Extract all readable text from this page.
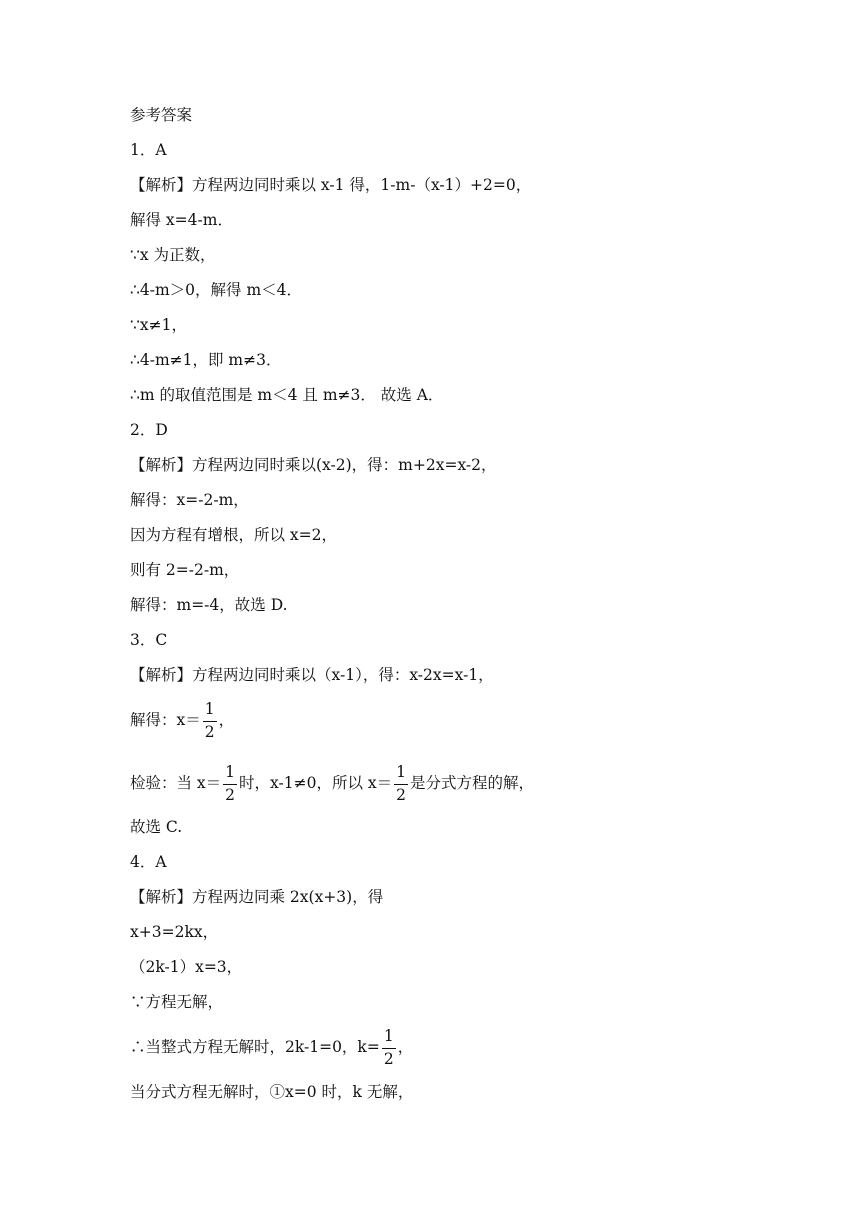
参考答案
1．A
【解析】方程两边同时乘以 x-1 得，1-m-（x-1）+2=0，
解得 x=4-m．
∵x 为正数，
∴4-m＞0，解得 m＜4．
∵x≠1，
∴4-m≠1，即 m≠3．
∴m 的取值范围是 m＜4 且 m≠3． 故选 A．
2．D
【解析】方程两边同时乘以(x-2)，得：m+2x=x-2，
解得：x=-2-m，
因为方程有增根，所以 x=2，
则有 2=-2-m，
解得：m=-4，故选 D.
3．C
【解析】方程两边同时乘以（x-1），得：x-2x=x-1，
解得：$x= \frac{1}{2}$ ，
检验：当 $x= \frac{1}{2}$ 时，x-1≠0，所以 $x= \frac{1}{2}$ 是分式方程的解，
故选 C.
4．A
【解析】方程两边同乘 2x(x+3)，得
x+3=2kx，
（2k-1）x=3，
∵方程无解，
∴当整式方程无解时，2k-1=0，$k= \frac{1}{2}$ ，
当分式方程无解时，①x=0 时，k 无解，
